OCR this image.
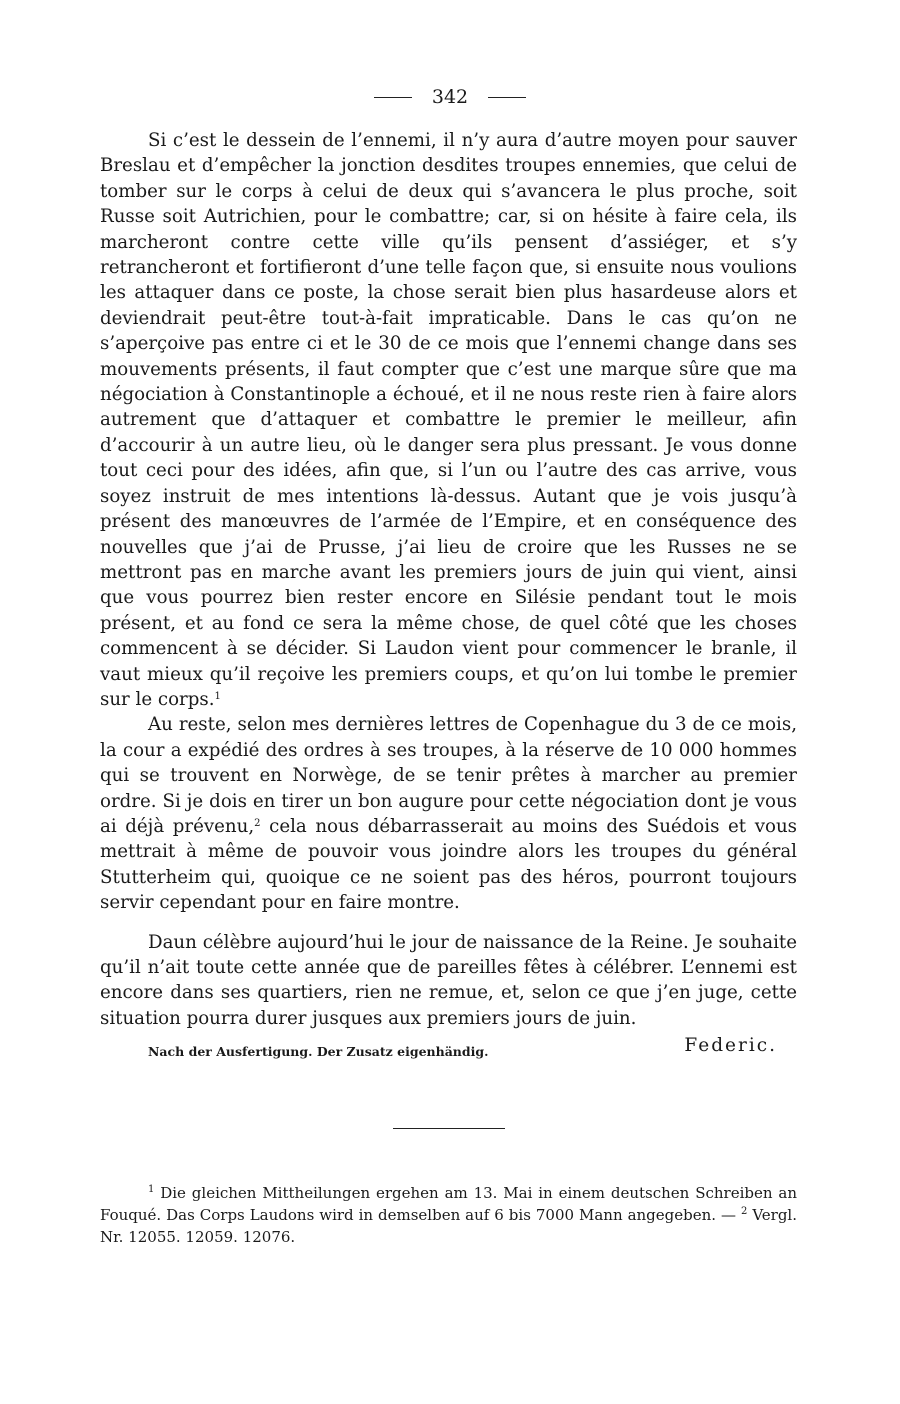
342

Si c’est le dessein de l’ennemi, il n’y aura d’autre moyen pour sauver Breslau et d’empêcher la jonction desdites troupes ennemies, que celui de tomber sur le corps à celui de deux qui s’avancera le plus proche, soit Russe soit Autrichien, pour le combattre; car, si on hésite à faire cela, ils marcheront contre cette ville qu’ils pensent d’assiéger, et s’y retrancheront et fortifieront d’une telle façon que, si ensuite nous voulions les attaquer dans ce poste, la chose serait bien plus hasardeuse alors et deviendrait peut-être tout-à-fait impraticable. Dans le cas qu’on ne s’aperçoive pas entre ci et le 30 de ce mois que l’ennemi change dans ses mouvements présents, il faut compter que c’est une marque sûre que ma négociation à Constantinople a échoué, et il ne nous reste rien à faire alors autrement que d’attaquer et combattre le premier le meilleur, afin d’accourir à un autre lieu, où le danger sera plus pressant. Je vous donne tout ceci pour des idées, afin que, si l’un ou l’autre des cas arrive, vous soyez instruit de mes intentions là-dessus. Autant que je vois jusqu’à présent des manœuvres de l’armée de l’Empire, et en conséquence des nouvelles que j’ai de Prusse, j’ai lieu de croire que les Russes ne se mettront pas en marche avant les premiers jours de juin qui vient, ainsi que vous pourrez bien rester encore en Silésie pendant tout le mois présent, et au fond ce sera la même chose, de quel côté que les choses commencent à se décider. Si Laudon vient pour commencer le branle, il vaut mieux qu’il reçoive les premiers coups, et qu’on lui tombe le premier sur le corps.$^1$

Au reste, selon mes dernières lettres de Copenhague du 3 de ce mois, la cour a expédié des ordres à ses troupes, à la réserve de 10 000 hommes qui se trouvent en Norwège, de se tenir prêtes à marcher au premier ordre. Si je dois en tirer un bon augure pour cette négociation dont je vous ai déjà prévenu,$^2$ cela nous débarrasserait au moins des Suédois et vous mettrait à même de pouvoir vous joindre alors les troupes du général Stutterheim qui, quoique ce ne soient pas des héros, pourront toujours servir cependant pour en faire montre.

Daun célèbre aujourd’hui le jour de naissance de la Reine. Je souhaite qu’il n’ait toute cette année que de pareilles fêtes à célébrer. L’ennemi est encore dans ses quartiers, rien ne remue, et, selon ce que j’en juge, cette situation pourra durer jusques aux premiers jours de juin.

Nach der Ausfertigung. Der Zusatz eigenhändig.	Federic.

$^1$ Die gleichen Mittheilungen ergehen am 13. Mai in einem deutschen Schreiben an Fouqué. Das Corps Laudons wird in demselben auf 6 bis 7000 Mann angegeben. — $^2$ Vergl. Nr. 12055. 12059. 12076.
